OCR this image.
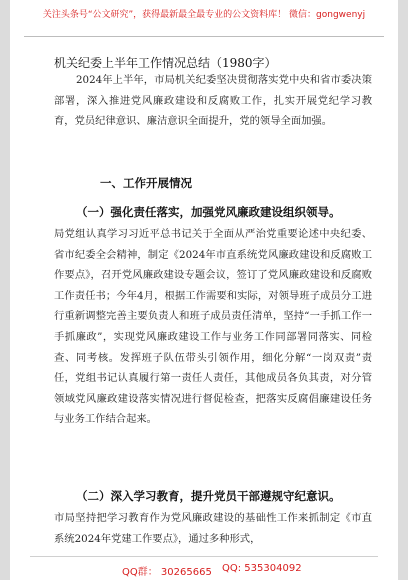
关注头条号“公文研究”，获得最新最全最专业的公文资料库！ 微信：gongwenyj
机关纪委上半年工作情况总结（1980字）

2024年上半年，市局机关纪委坚决贯彻落实党中央和省市委决策部署，深入推进党风廉政建设和反腐败工作，扎实开展党纪学习教育，党员纪律意识、廉洁意识全面提升，党的领导全面加强。

一、工作开展情况
（一）强化责任落实，加强党风廉政建设组织领导。

局党组认真学习习近平总书记关于全面从严治党重要论述中央纪委、省市纪委全会精神，制定《2024年市直系统党风廉政建设和反腐败工作要点》，召开党风廉政建设专题会议，签订了党风廉政建设和反腐败工作责任书；今年4月，根据工作需要和实际，对领导班子成员分工进行重新调整完善主要负责人和班子成员责任清单，坚持“一手抓工作一手抓廉政”，实现党风廉政建设工作与业务工作同部署同落实、同检查、同考核。发挥班子队伍带头引领作用，细化分解“一岗双责”责任，党组书记认真履行第一责任人责任，其他成员各负其责，对分管领域党风廉政建设落实情况进行督促检查，把落实反腐倡廉建设任务与业务工作结合起来。

（二）深入学习教育，提升党员干部遵规守纪意识。

市局坚持把学习教育作为党风廉政建设的基础性工作来抓制定《市直系统2024年党建工作要点》，通过多种形式，

QQ群： 30265665 QQ: 535304092
